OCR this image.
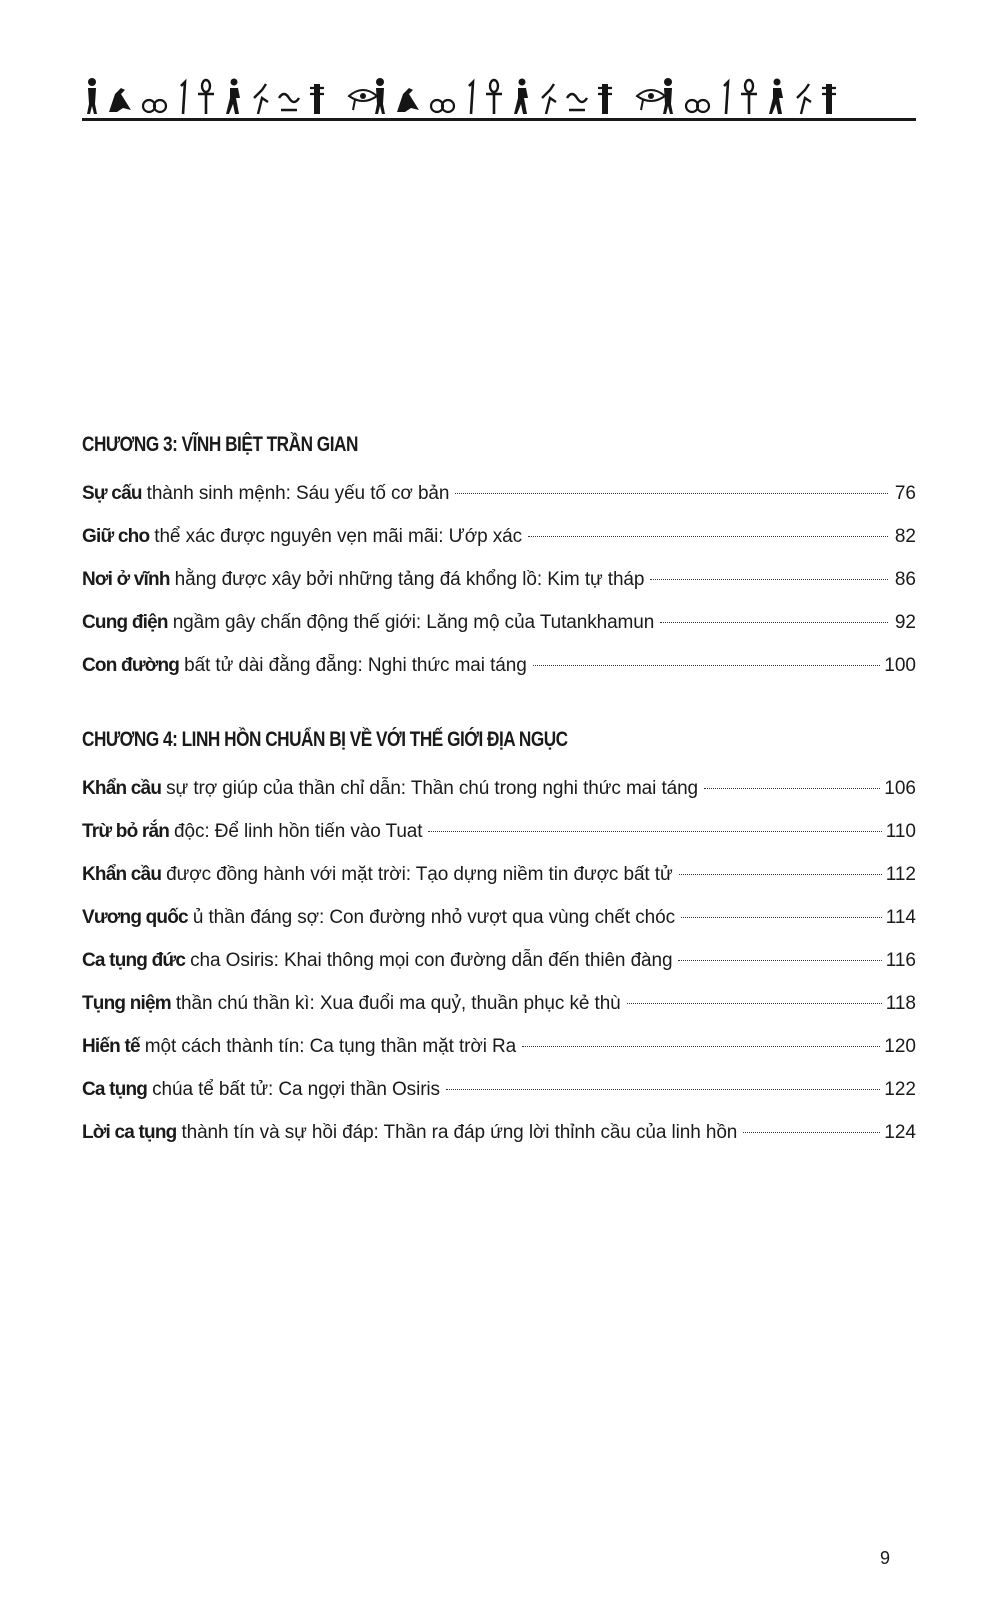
CHƯƠNG 3: VĨNH BIỆT TRẦN GIAN
Sự cấu thành sinh mệnh: Sáu yếu tố cơ bản	76
Giữ cho thể xác được nguyên vẹn mãi mãi: Ướp xác	82
Nơi ở vĩnh hằng được xây bởi những tảng đá khổng lồ: Kim tự tháp	86
Cung điện ngầm gây chấn động thế giới: Lăng mộ của Tutankhamun	92
Con đường bất tử dài đằng đẵng: Nghi thức mai táng	100
CHƯƠNG 4: LINH HỒN CHUẨN BỊ VỀ VỚI THẾ GIỚI ĐỊA NGỤC
Khẩn cầu sự trợ giúp của thần chỉ dẫn: Thần chú trong nghi thức mai táng	106
Trừ bỏ rắn độc: Để linh hồn tiến vào Tuat	110
Khẩn cầu được đồng hành với mặt trời: Tạo dựng niềm tin được bất tử	112
Vương quốc ủ thần đáng sợ: Con đường nhỏ vượt qua vùng chết chóc	114
Ca tụng đức cha Osiris: Khai thông mọi con đường dẫn đến thiên đàng	116
Tụng niệm thần chú thần kì: Xua đuổi ma quỷ, thuần phục kẻ thù	118
Hiến tế một cách thành tín: Ca tụng thần mặt trời Ra	120
Ca tụng chúa tể bất tử: Ca ngợi thần Osiris	122
Lời ca tụng thành tín và sự hồi đáp: Thần ra đáp ứng lời thỉnh cầu của linh hồn	124
9
